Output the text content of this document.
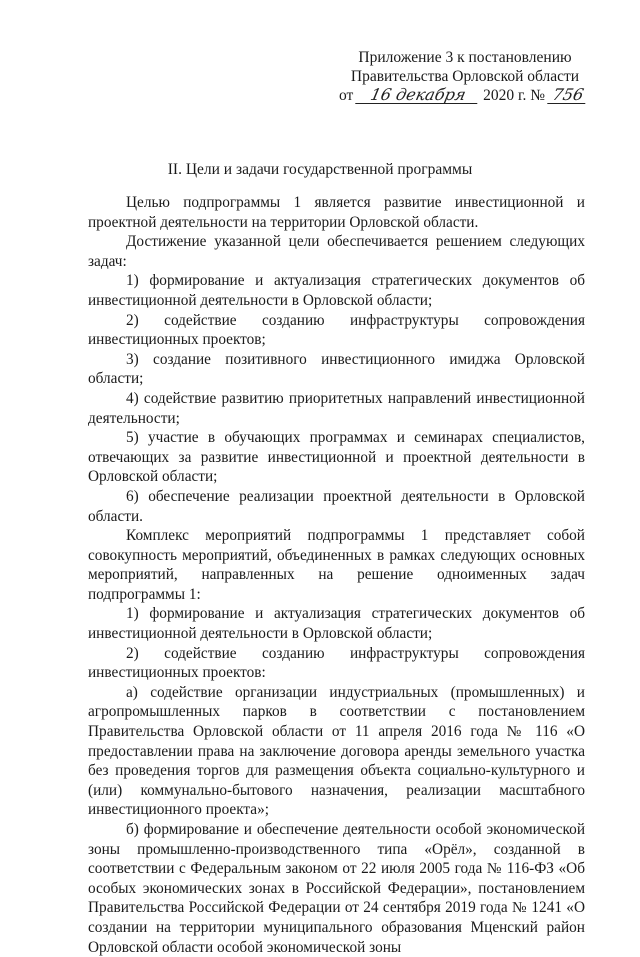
Приложение 3 к постановлению
Правительства Орловской области
от 16 декабря 2020 г. № 756
II. Цели и задачи государственной программы

Целью подпрограммы 1 является развитие инвестиционной и проектной деятельности на территории Орловской области.

Достижение указанной цели обеспечивается решением следующих задач:

1) формирование и актуализация стратегических документов об инвестиционной деятельности в Орловской области;

2) содействие созданию инфраструктуры сопровождения инвестиционных проектов;

3) создание позитивного инвестиционного имиджа Орловской области;

4) содействие развитию приоритетных направлений инвестиционной деятельности;

5) участие в обучающих программах и семинарах специалистов, отвечающих за развитие инвестиционной и проектной деятельности в Орловской области;

6) обеспечение реализации проектной деятельности в Орловской области.

Комплекс мероприятий подпрограммы 1 представляет собой совокупность мероприятий, объединенных в рамках следующих основных мероприятий, направленных на решение одноименных задач подпрограммы 1:

1) формирование и актуализация стратегических документов об инвестиционной деятельности в Орловской области;

2) содействие созданию инфраструктуры сопровождения инвестиционных проектов:

а) содействие организации индустриальных (промышленных) и агропромышленных парков в соответствии с постановлением Правительства Орловской области от 11 апреля 2016 года № 116 «О предоставлении права на заключение договора аренды земельного участка без проведения торгов для размещения объекта социально-культурного и (или) коммунально-бытового назначения, реализации масштабного инвестиционного проекта»;

б) формирование и обеспечение деятельности особой экономической зоны промышленно-производственного типа «Орёл», созданной в соответствии с Федеральным законом от 22 июля 2005 года № 116-ФЗ «Об особых экономических зонах в Российской Федерации», постановлением Правительства Российской Федерации от 24 сентября 2019 года № 1241 «О создании на территории муниципального образования Мценский район Орловской области особой экономической зоны
